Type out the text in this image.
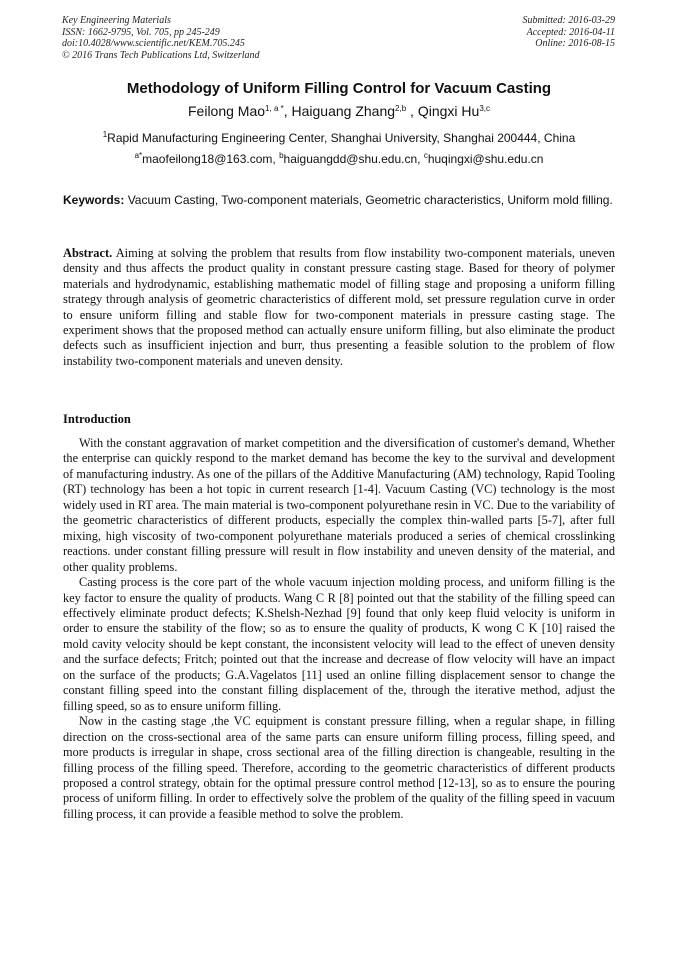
Key Engineering Materials
ISSN: 1662-9795, Vol. 705, pp 245-249
doi:10.4028/www.scientific.net/KEM.705.245
© 2016 Trans Tech Publications Ltd, Switzerland
Submitted: 2016-03-29
Accepted: 2016-04-11
Online: 2016-08-15
Methodology of Uniform Filling Control for Vacuum Casting
Feilong Mao$^{1, a *}$, Haiguang Zhang$^{2,b}$ , Qingxi Hu$^{3,c}$
$^1$Rapid Manufacturing Engineering Center, Shanghai University, Shanghai 200444, China
$^{a*}$maofeilong18@163.com, $^b$haiguangdd@shu.edu.cn, $^c$huqingxi@shu.edu.cn
Keywords: Vacuum Casting, Two-component materials, Geometric characteristics, Uniform mold filling.
Abstract. Aiming at solving the problem that results from flow instability two-component materials, uneven density and thus affects the product quality in constant pressure casting stage. Based for theory of polymer materials and hydrodynamic, establishing mathematic model of filling stage and proposing a uniform filling strategy through analysis of geometric characteristics of different mold, set pressure regulation curve in order to ensure uniform filling and stable flow for two-component materials in pressure casting stage. The experiment shows that the proposed method can actually ensure uniform filling, but also eliminate the product defects such as insufficient injection and burr, thus presenting a feasible solution to the problem of flow instability two-component materials and uneven density.
Introduction

With the constant aggravation of market competition and the diversification of customer's demand, Whether the enterprise can quickly respond to the market demand has become the key to the survival and development of manufacturing industry. As one of the pillars of the Additive Manufacturing (AM) technology, Rapid Tooling (RT) technology has been a hot topic in current research [1-4]. Vacuum Casting (VC) technology is the most widely used in RT area. The main material is two-component polyurethane resin in VC. Due to the variability of the geometric characteristics of different products, especially the complex thin-walled parts [5-7], after full mixing, high viscosity of two-component polyurethane materials produced a series of chemical crosslinking reactions. under constant filling pressure will result in flow instability and uneven density of the material, and other quality problems.

Casting process is the core part of the whole vacuum injection molding process, and uniform filling is the key factor to ensure the quality of products. Wang C R [8] pointed out that the stability of the filling speed can effectively eliminate product defects; K.Shelsh-Nezhad [9] found that only keep fluid velocity is uniform in order to ensure the stability of the flow; so as to ensure the quality of products, K wong C K [10] raised the mold cavity velocity should be kept constant, the inconsistent velocity will lead to the effect of uneven density and the surface defects; Fritch; pointed out that the increase and decrease of flow velocity will have an impact on the surface of the products; G.A.Vagelatos [11] used an online filling displacement sensor to change the constant filling speed into the constant filling displacement of the, through the iterative method, adjust the filling speed, so as to ensure uniform filling.

Now in the casting stage ,the VC equipment is constant pressure filling, when a regular shape, in filling direction on the cross-sectional area of the same parts can ensure uniform filling process, filling speed, and more products is irregular in shape, cross sectional area of the filling direction is changeable, resulting in the filling process of the filling speed. Therefore, according to the geometric characteristics of different products proposed a control strategy, obtain for the optimal pressure control method [12-13], so as to ensure the pouring process of uniform filling. In order to effectively solve the problem of the quality of the filling speed in vacuum filling process, it can provide a feasible method to solve the problem.
